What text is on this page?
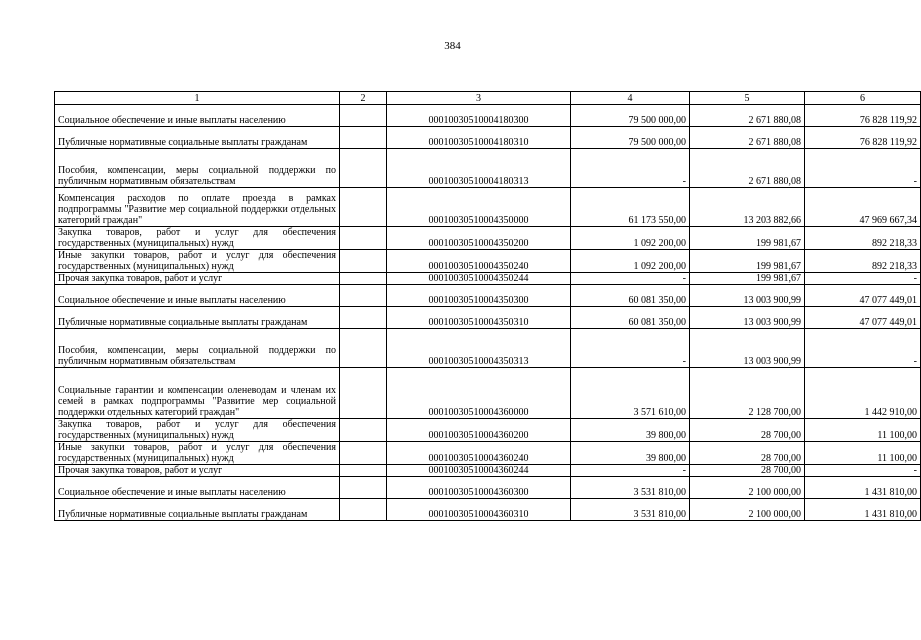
384
1	2	3	4	5	6
Социальное обеспечение и иные выплаты населению		00010030510004180300	79 500 000,00	2 671 880,08	76 828 119,92
Публичные нормативные социальные выплаты гражданам		00010030510004180310	79 500 000,00	2 671 880,08	76 828 119,92
Пособия, компенсации, меры социальной поддержки по публичным нормативным обязательствам		00010030510004180313	-	2 671 880,08	-
Компенсация расходов по оплате проезда в рамках подпрограммы "Развитие мер социальной поддержки отдельных категорий граждан"		00010030510004350000	61 173 550,00	13 203 882,66	47 969 667,34
Закупка товаров, работ и услуг для обеспечения государственных (муниципальных) нужд		00010030510004350200	1 092 200,00	199 981,67	892 218,33
Иные закупки товаров, работ и услуг для обеспечения государственных (муниципальных) нужд		00010030510004350240	1 092 200,00	199 981,67	892 218,33
Прочая закупка товаров, работ и услуг		00010030510004350244	-	199 981,67	-
Социальное обеспечение и иные выплаты населению		00010030510004350300	60 081 350,00	13 003 900,99	47 077 449,01
Публичные нормативные социальные выплаты гражданам		00010030510004350310	60 081 350,00	13 003 900,99	47 077 449,01
Пособия, компенсации, меры социальной поддержки по публичным нормативным обязательствам		00010030510004350313	-	13 003 900,99	-
Социальные гарантии и компенсации оленеводам и членам их семей в рамках подпрограммы "Развитие мер социальной поддержки отдельных категорий граждан"		00010030510004360000	3 571 610,00	2 128 700,00	1 442 910,00
Закупка товаров, работ и услуг для обеспечения государственных (муниципальных) нужд		00010030510004360200	39 800,00	28 700,00	11 100,00
Иные закупки товаров, работ и услуг для обеспечения государственных (муниципальных) нужд		00010030510004360240	39 800,00	28 700,00	11 100,00
Прочая закупка товаров, работ и услуг		00010030510004360244	-	28 700,00	-
Социальное обеспечение и иные выплаты населению		00010030510004360300	3 531 810,00	2 100 000,00	1 431 810,00
Публичные нормативные социальные выплаты гражданам		00010030510004360310	3 531 810,00	2 100 000,00	1 431 810,00
